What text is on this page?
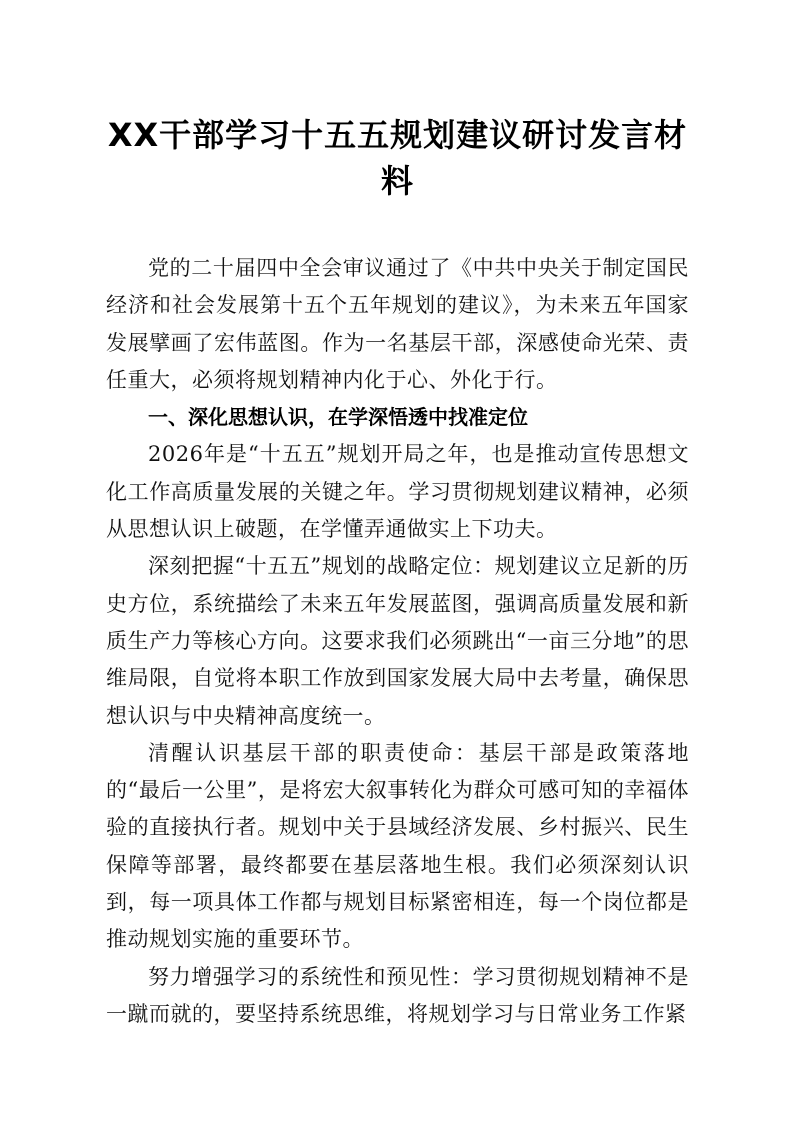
XX干部学习十五五规划建议研讨发言材料

党的二十届四中全会审议通过了《中共中央关于制定国民经济和社会发展第十五个五年规划的建议》，为未来五年国家发展擘画了宏伟蓝图。作为一名基层干部，深感使命光荣、责任重大，必须将规划精神内化于心、外化于行。

一、深化思想认识，在学深悟透中找准定位

2026年是“十五五”规划开局之年，也是推动宣传思想文化工作高质量发展的关键之年。学习贯彻规划建议精神，必须从思想认识上破题，在学懂弄通做实上下功夫。

深刻把握“十五五”规划的战略定位：规划建议立足新的历史方位，系统描绘了未来五年发展蓝图，强调高质量发展和新质生产力等核心方向。这要求我们必须跳出“一亩三分地”的思维局限，自觉将本职工作放到国家发展大局中去考量，确保思想认识与中央精神高度统一。

清醒认识基层干部的职责使命：基层干部是政策落地的“最后一公里”，是将宏大叙事转化为群众可感可知的幸福体验的直接执行者。规划中关于县域经济发展、乡村振兴、民生保障等部署，最终都要在基层落地生根。我们必须深刻认识到，每一项具体工作都与规划目标紧密相连，每一个岗位都是推动规划实施的重要环节。

努力增强学习的系统性和预见性：学习贯彻规划精神不是一蹴而就的，要坚持系统思维，将规划学习与日常业务工作紧
